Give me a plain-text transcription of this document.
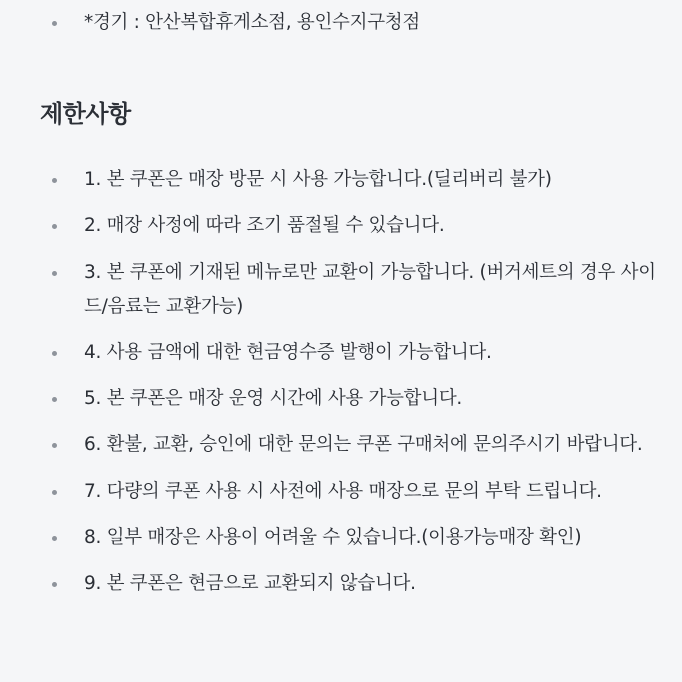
*경기 : 안산복합휴게소점, 용인수지구청점
제한사항
1. 본 쿠폰은 매장 방문 시 사용 가능합니다.(딜리버리 불가)
2. 매장 사정에 따라 조기 품절될 수 있습니다.
3. 본 쿠폰에 기재된 메뉴로만 교환이 가능합니다. (버거세트의 경우 사이드/음료는 교환가능)
4. 사용 금액에 대한 현금영수증 발행이 가능합니다.
5. 본 쿠폰은 매장 운영 시간에 사용 가능합니다.
6. 환불, 교환, 승인에 대한 문의는 쿠폰 구매처에 문의주시기 바랍니다.
7. 다량의 쿠폰 사용 시 사전에 사용 매장으로 문의 부탁 드립니다.
8. 일부 매장은 사용이 어려울 수 있습니다.(이용가능매장 확인)
9. 본 쿠폰은 현금으로 교환되지 않습니다.
